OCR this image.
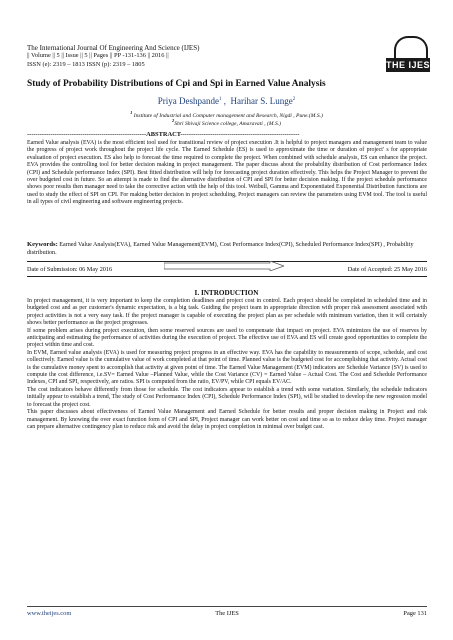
The International Journal Of Engineering And Science (IJES)
|| Volume || 5 || Issue || 5 || Pages || PP -131-136 || 2016 ||
ISSN (e): 2319 – 1813 ISSN (p): 2319 – 1805	THE IJES
Study of Probability Distributions of Cpi and Spi in Earned Value Analysis
Priya Deshpande$^1$ ,  Harihar S. Lunge$^2$
$^1$ Institute of Industrial and Computer management and Research, Nigdi , Pune.(M.S.)
$^2$Shri Shivaji Science college, Amaravati , (M.S.)
--------------------------------------------------------ABSTRACT--------------------------------------------------------
Earned Value analysis (EVA) is the most efficient tool used for transitional review of project execution .It is helpful to project managers and management team to value the progress of project work throughout the project life cycle. The Earned Schedule (ES) is used to approximate the time or duration of project' s for appropriate evaluation of project execution. ES also help to forecast the time required to complete the project. When combined with schedule analysis, ES can enhance the project. EVA provides the controlling tool for better decision making in project management. The paper discuss about the probability distribution of Cost performance Index (CPI) and Schedule performance Index (SPI). Best fitted distribution will help for forecasting project duration effectively. This helps the Project Manager to prevent the over budgeted cost in future. So an attempt is made to find the alternative distribution of CPI and SPI for better decision making. If the project schedule performance shows poor results then manager need to take the corrective action with the help of this tool. Weibull, Gamma and Exponentiated Exponential Distribution functions are used to study the effect of SPI on CPI. For making better decision in project scheduling, Project managers can review the parameters using EVM tool. The tool is useful in all types of civil engineering and software engineering projects.
Keywords: Earned Value Analysis(EVA), Earned Value Management(EVM), Cost Performance Index(CPI), Scheduled Performance Index(SPI) , Probability distribution.
Date of Submission: 06 May 2016	Date of Accepted: 25 May 2016
I. INTRODUCTION

In project management, it is very important to keep the completion deadlines and project cost in control. Each project should be completed in scheduled time and in budgeted cost and as per customer's dynamic expectation, is a big task. Guiding the project team in appropriate direction with proper risk assessment associated with project activities is not a very easy task. If the project manager is capable of executing the project plan as per schedule with minimum variation, then it will certainly shows better performance as the project progresses.

If some problem arises during project execution, then some reserved sources are used to compensate that impact on project. EVA minimizes the use of reserves by anticipating and estimating the performance of activities during the execution of project. The effective use of EVA and ES will create good opportunities to complete the project within time and cost.

In EVM, Earned value analysis (EVA) is used for measuring project progress in an effective way. EVA has the capability to measurements of scope, schedule, and cost collectively. Earned value is the cumulative value of work completed at that point of time. Planned value is the budgeted cost for accomplishing that activity. Actual cost is the cumulative money spent to accomplish that activity at given point of time. The Earned Value Management (EVM) indicators are Schedule Variance (SV) is used to compute the cost difference, i.e.SV= Earned Value –Planned Value, while the Cost Variance (CV) = Earned Value – Actual Cost. The Cost and Schedule Performance Indexes, CPI and SPI, respectively, are ratios. SPI is computed from the ratio, EV/PV, while CPI equals EV/AC.

The cost indicators behave differently from those for schedule. The cost indicators appear to establish a trend with some variation. Similarly, the schedule indicators initially appear to establish a trend, The study of Cost Performance Index (CPI), Schedule Performance Index (SPI), will be studied to develop the new regression model to forecast the project cost.

This paper discusses about effectiveness of Earned Value Management and Earned Schedule for better results and proper decision making in Project and risk management. By knowing the over exact function form of CPI and SPI, Project manager can work better on cost and time so as to reduce delay time. Project manager can prepare alternative contingency plan to reduce risk and avoid the delay in project completion in minimal over budget cast.

www.theijes.com	The IJES	Page 131
